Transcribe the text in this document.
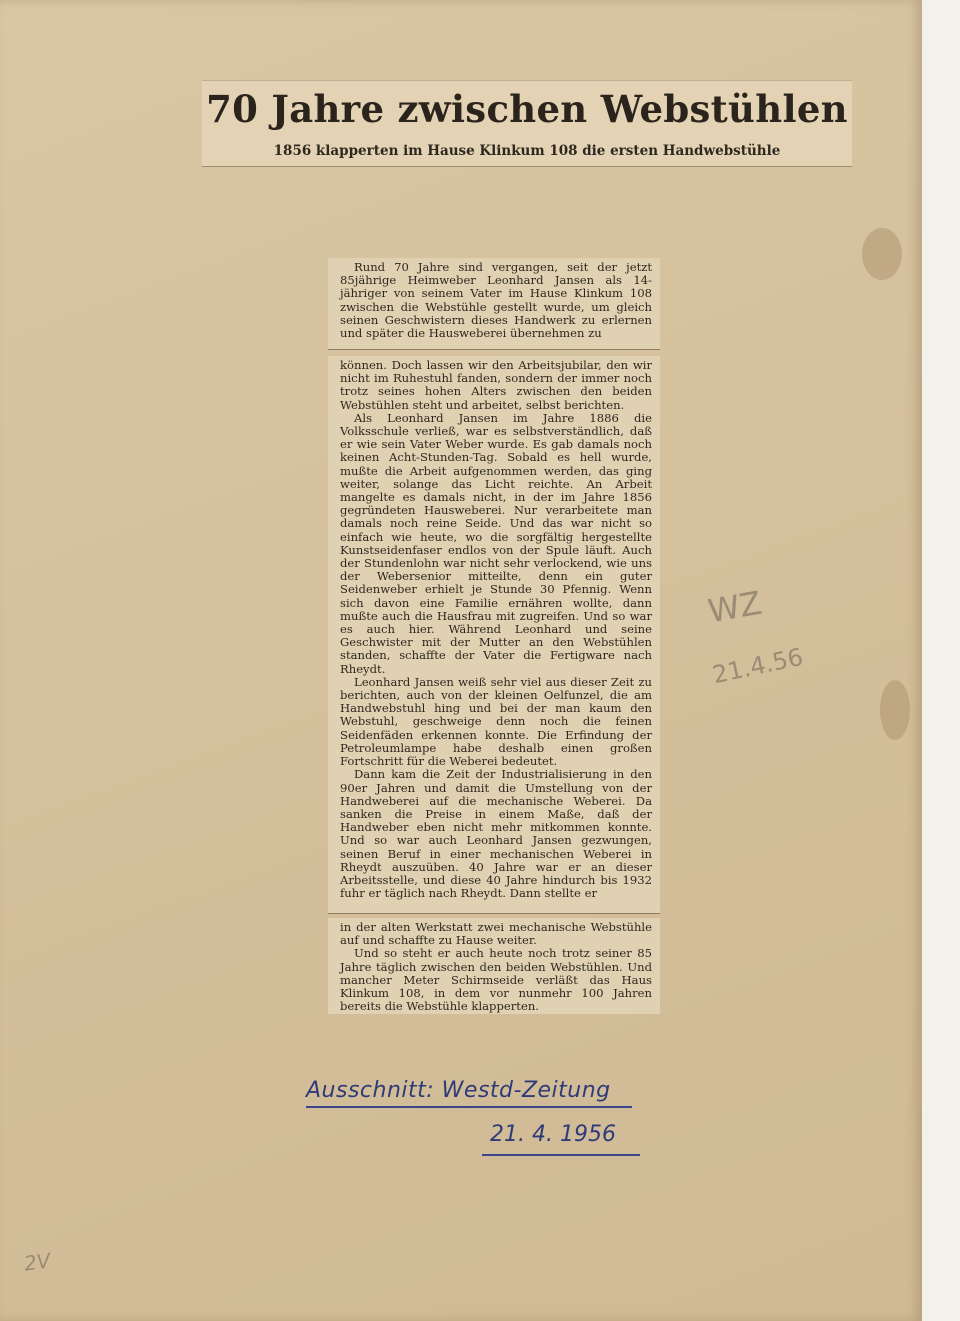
70 Jahre zwischen Webstühlen
1856 klapperten im Hause Klinkum 108 die ersten Handwebstühle

Rund 70 Jahre sind vergangen, seit der jetzt 85jährige Heimweber Leonhard Jansen als 14-jähriger von seinem Vater im Hause Klinkum 108 zwischen die Webstühle gestellt wurde, um gleich seinen Geschwistern dieses Handwerk zu erlernen und später die Hausweberei übernehmen zu

können. Doch lassen wir den Arbeitsjubilar, den wir nicht im Ruhestuhl fanden, sondern der immer noch trotz seines hohen Alters zwischen den beiden Webstühlen steht und arbeitet, selbst berichten.

Als Leonhard Jansen im Jahre 1886 die Volksschule verließ, war es selbstverständlich, daß er wie sein Vater Weber wurde. Es gab damals noch keinen Acht-Stunden-Tag. Sobald es hell wurde, mußte die Arbeit aufgenommen werden, das ging weiter, solange das Licht reichte. An Arbeit mangelte es damals nicht, in der im Jahre 1856 gegründeten Hausweberei. Nur verarbeitete man damals noch reine Seide. Und das war nicht so einfach wie heute, wo die sorgfältig hergestellte Kunstseidenfaser endlos von der Spule läuft. Auch der Stundenlohn war nicht sehr verlockend, wie uns der Webersenior mitteilte, denn ein guter Seidenweber erhielt je Stunde 30 Pfennig. Wenn sich davon eine Familie ernähren wollte, dann mußte auch die Hausfrau mit zugreifen. Und so war es auch hier. Während Leonhard und seine Geschwister mit der Mutter an den Webstühlen standen, schaffte der Vater die Fertigware nach Rheydt.

Leonhard Jansen weiß sehr viel aus dieser Zeit zu berichten, auch von der kleinen Oelfunzel, die am Handwebstuhl hing und bei der man kaum den Webstuhl, geschweige denn noch die feinen Seidenfäden erkennen konnte. Die Erfindung der Petroleumlampe habe deshalb einen großen Fortschritt für die Weberei bedeutet.

Dann kam die Zeit der Industrialisierung in den 90er Jahren und damit die Umstellung von der Handweberei auf die mechanische Weberei. Da sanken die Preise in einem Maße, daß der Handweber eben nicht mehr mitkommen konnte. Und so war auch Leonhard Jansen gezwungen, seinen Beruf in einer mechanischen Weberei in Rheydt auszuüben. 40 Jahre war er an dieser Arbeitsstelle, und diese 40 Jahre hindurch bis 1932 fuhr er täglich nach Rheydt. Dann stellte er

in der alten Werkstatt zwei mechanische Webstühle auf und schaffte zu Hause weiter.

Und so steht er auch heute noch trotz seiner 85 Jahre täglich zwischen den beiden Webstühlen. Und mancher Meter Schirmseide verläßt das Haus Klinkum 108, in dem vor nunmehr 100 Jahren bereits die Webstühle klapperten.

WZ
21.4.56
Ausschnitt: Westd-Zeitung
21. 4. 1956
2V
